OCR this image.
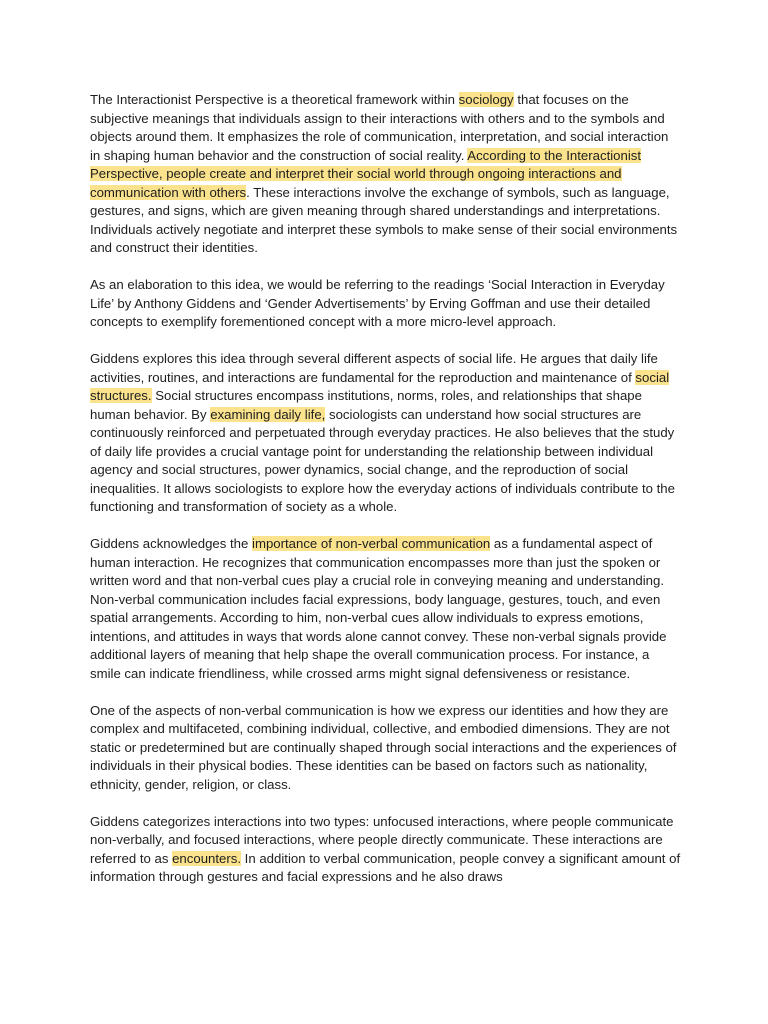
The Interactionist Perspective is a theoretical framework within sociology that focuses on the subjective meanings that individuals assign to their interactions with others and to the symbols and objects around them. It emphasizes the role of communication, interpretation, and social interaction in shaping human behavior and the construction of social reality. According to the Interactionist Perspective, people create and interpret their social world through ongoing interactions and communication with others. These interactions involve the exchange of symbols, such as language, gestures, and signs, which are given meaning through shared understandings and interpretations. Individuals actively negotiate and interpret these symbols to make sense of their social environments and construct their identities.

As an elaboration to this idea, we would be referring to the readings ‘Social Interaction in Everyday Life’ by Anthony Giddens and ‘Gender Advertisements’ by Erving Goffman and use their detailed concepts to exemplify forementioned concept with a more micro-level approach.

Giddens explores this idea through several different aspects of social life. He argues that daily life activities, routines, and interactions are fundamental for the reproduction and maintenance of social structures. Social structures encompass institutions, norms, roles, and relationships that shape human behavior. By examining daily life, sociologists can understand how social structures are continuously reinforced and perpetuated through everyday practices. He also believes that the study of daily life provides a crucial vantage point for understanding the relationship between individual agency and social structures, power dynamics, social change, and the reproduction of social inequalities. It allows sociologists to explore how the everyday actions of individuals contribute to the functioning and transformation of society as a whole.

Giddens acknowledges the importance of non-verbal communication as a fundamental aspect of human interaction. He recognizes that communication encompasses more than just the spoken or written word and that non-verbal cues play a crucial role in conveying meaning and understanding. Non-verbal communication includes facial expressions, body language, gestures, touch, and even spatial arrangements. According to him, non-verbal cues allow individuals to express emotions, intentions, and attitudes in ways that words alone cannot convey. These non-verbal signals provide additional layers of meaning that help shape the overall communication process. For instance, a smile can indicate friendliness, while crossed arms might signal defensiveness or resistance.

One of the aspects of non-verbal communication is how we express our identities and how they are complex and multifaceted, combining individual, collective, and embodied dimensions. They are not static or predetermined but are continually shaped through social interactions and the experiences of individuals in their physical bodies. These identities can be based on factors such as nationality, ethnicity, gender, religion, or class.

Giddens categorizes interactions into two types: unfocused interactions, where people communicate non-verbally, and focused interactions, where people directly communicate. These interactions are referred to as encounters. In addition to verbal communication, people convey a significant amount of information through gestures and facial expressions and he also draws
